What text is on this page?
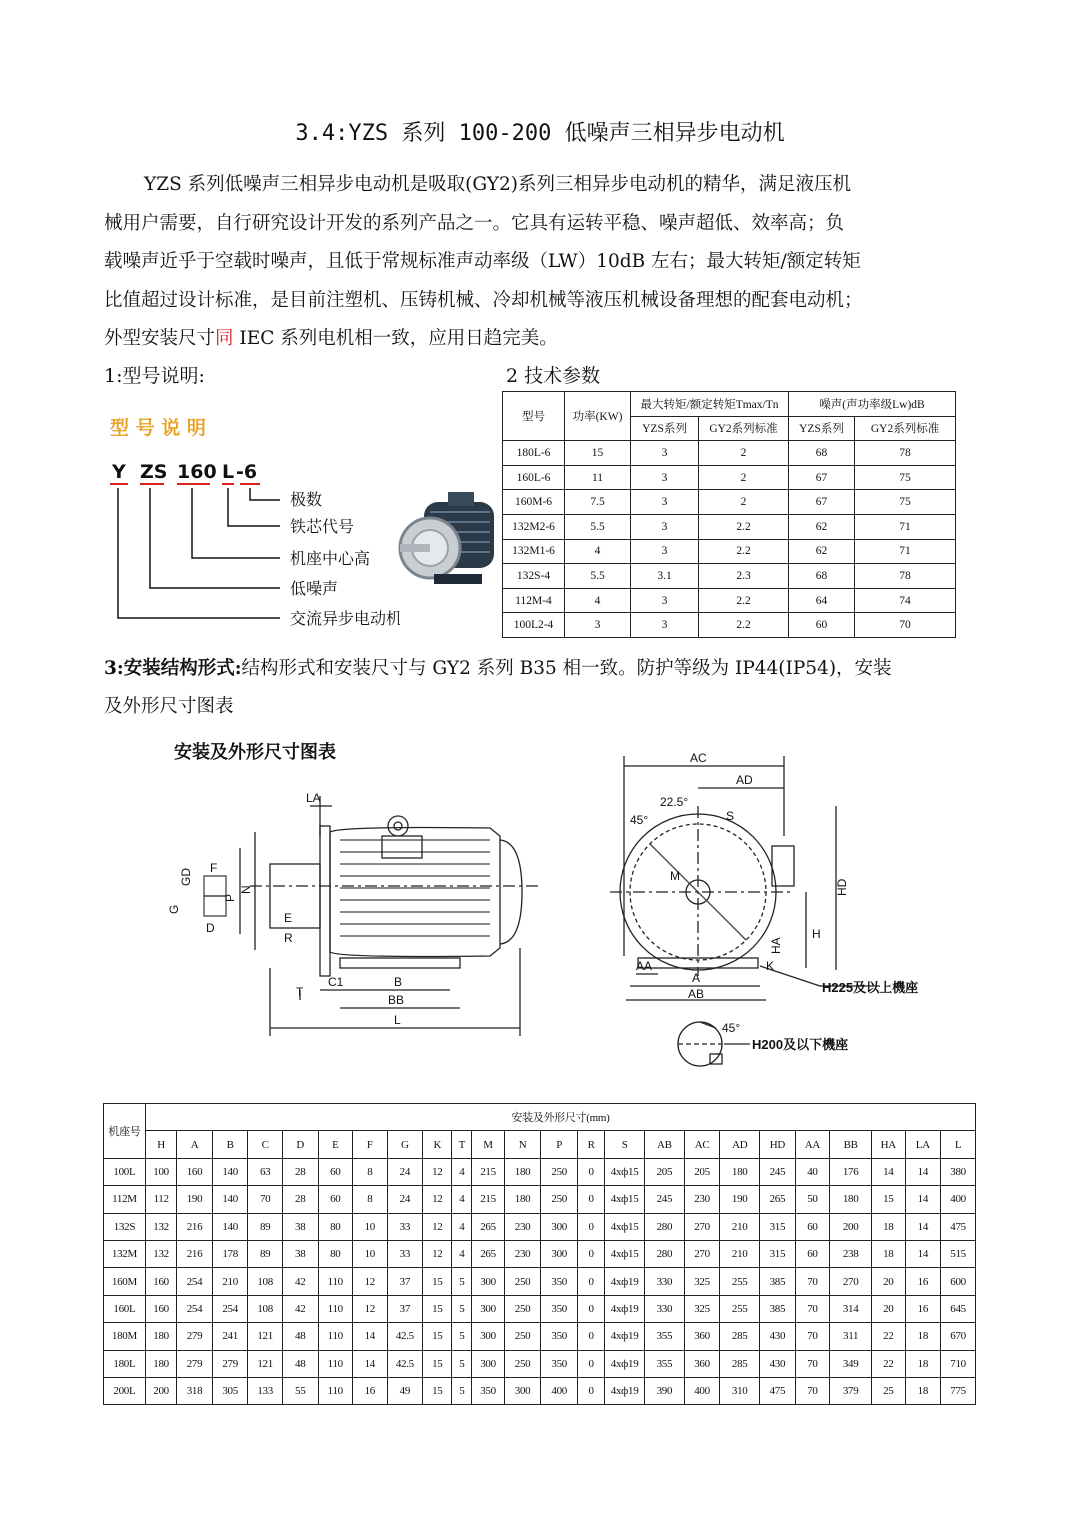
3.4:YZS 系列 100-200 低噪声三相异步电动机
YZS 系列低噪声三相异步电动机是吸取(GY2)系列三相异步电动机的精华，满足液压机
械用户需要，自行研究设计开发的系列产品之一。它具有运转平稳、噪声超低、效率高；负
载噪声近乎于空载时噪声，且低于常规标准声动率级（LW）10dB 左右；最大转矩/额定转矩
比值超过设计标准，是目前注塑机、压铸机械、冷却机械等液压机械设备理想的配套电动机；
外型安装尺寸同 IEC 系列电机相一致，应用日趋完美。
1:型号说明:	2 技术参数
型 号 说 明
Y ZS 160 L -6
极数
铁芯代号
机座中心高
低噪声
交流异步电动机
型号	功率(KW)	最大转矩/额定转矩Tmax/Tn		噪声(声功率级Lw)dB	
		YZS系列	GY2系列标准	YZS系列	GY2系列标准
180L-6	15	3	2	68	78
160L-6	11	3	2	67	75
160M-6	7.5	3	2	67	75
132M2-6	5.5	3	2.2	62	71
132M1-6	4	3	2.2	62	71
132S-4	5.5	3.1	2.3	68	78
112M-4	4	3	2.2	64	74
100L2-4	3	3	2.2	60	70
3:安装结构形式:结构形式和安装尺寸与 GY2 系列 B35 相一致。防护等级为 IP44(IP54)，安装
及外形尺寸图表
安装及外形尺寸图表
LA
G
GD F
D
N
P
E
R
T
C1	B
BB
L
AC
AD
22.5°
45°	S
M
HD
H
HA
AA
A
AB
K
45°
H225及以上機座
H200及以下機座
机座号	安装及外形尺寸(mm)																							
	H	A	B	C	D	E	F	G	K	T	M	N	P	R	S	AB	AC	AD	HD	AA	BB	HA	LA	L
100L	100	160	140	63	28	60	8	24	12	4	215	180	250	0	4xф15	205	205	180	245	40	176	14	14	380
112M	112	190	140	70	28	60	8	24	12	4	215	180	250	0	4xф15	245	230	190	265	50	180	15	14	400
132S	132	216	140	89	38	80	10	33	12	4	265	230	300	0	4xф15	280	270	210	315	60	200	18	14	475
132M	132	216	178	89	38	80	10	33	12	4	265	230	300	0	4xф15	280	270	210	315	60	238	18	14	515
160M	160	254	210	108	42	110	12	37	15	5	300	250	350	0	4xф19	330	325	255	385	70	270	20	16	600
160L	160	254	254	108	42	110	12	37	15	5	300	250	350	0	4xф19	330	325	255	385	70	314	20	16	645
180M	180	279	241	121	48	110	14	42.5	15	5	300	250	350	0	4xф19	355	360	285	430	70	311	22	18	670
180L	180	279	279	121	48	110	14	42.5	15	5	300	250	350	0	4xф19	355	360	285	430	70	349	22	18	710
200L	200	318	305	133	55	110	16	49	15	5	350	300	400	0	4xф19	390	400	310	475	70	379	25	18	775
